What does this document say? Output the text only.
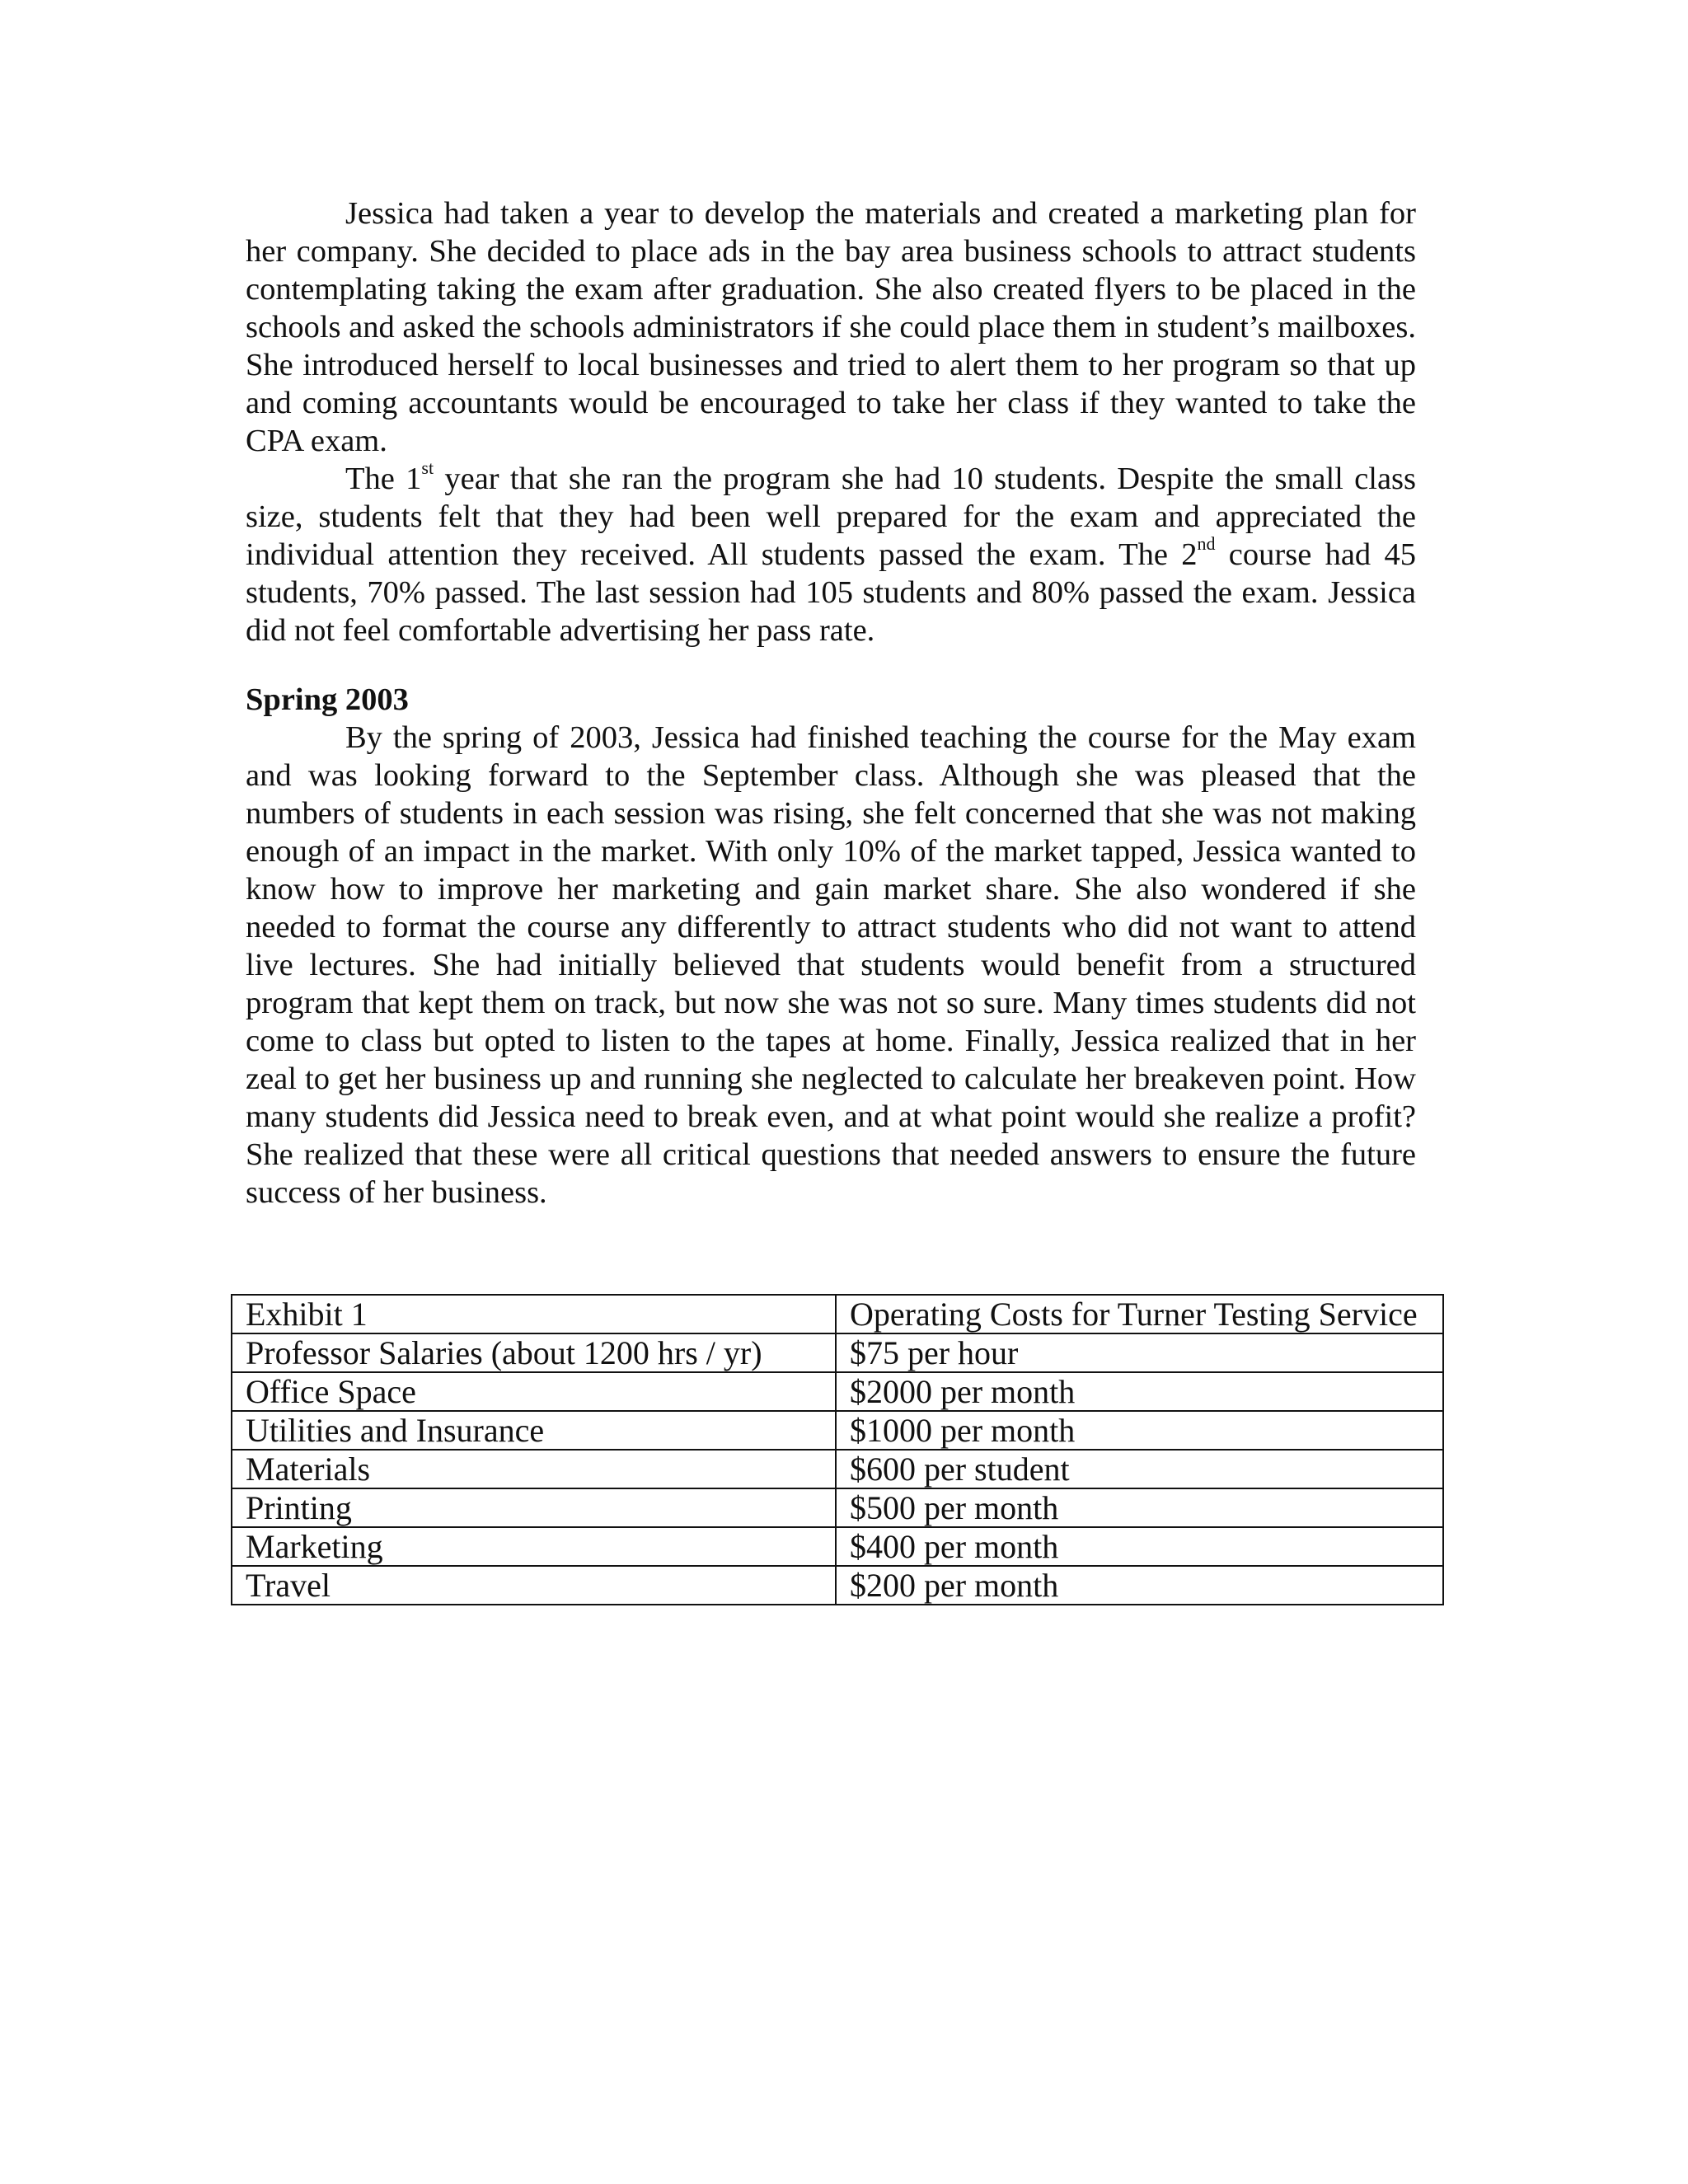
Jessica had taken a year to develop the materials and created a marketing plan for her company. She decided to place ads in the bay area business schools to attract students contemplating taking the exam after graduation. She also created flyers to be placed in the schools and asked the schools administrators if she could place them in student’s mailboxes. She introduced herself to local businesses and tried to alert them to her program so that up and coming accountants would be encouraged to take her class if they wanted to take the CPA exam.

The 1st year that she ran the program she had 10 students. Despite the small class size, students felt that they had been well prepared for the exam and appreciated the individual attention they received. All students passed the exam. The 2nd course had 45 students, 70% passed. The last session had 105 students and 80% passed the exam. Jessica did not feel comfortable advertising her pass rate.

Spring 2003

By the spring of 2003, Jessica had finished teaching the course for the May exam and was looking forward to the September class. Although she was pleased that the numbers of students in each session was rising, she felt concerned that she was not making enough of an impact in the market. With only 10% of the market tapped, Jessica wanted to know how to improve her marketing and gain market share. She also wondered if she needed to format the course any differently to attract students who did not want to attend live lectures. She had initially believed that students would benefit from a structured program that kept them on track, but now she was not so sure. Many times students did not come to class but opted to listen to the tapes at home. Finally, Jessica realized that in her zeal to get her business up and running she neglected to calculate her breakeven point. How many students did Jessica need to break even, and at what point would she realize a profit? She realized that these were all critical questions that needed answers to ensure the future success of her business.

Exhibit 1	Operating Costs for Turner Testing Service
Professor Salaries (about 1200 hrs / yr)	$75 per hour
Office Space	$2000 per month
Utilities and Insurance	$1000 per month
Materials	$600 per student
Printing	$500 per month
Marketing	$400 per month
Travel	$200 per month
